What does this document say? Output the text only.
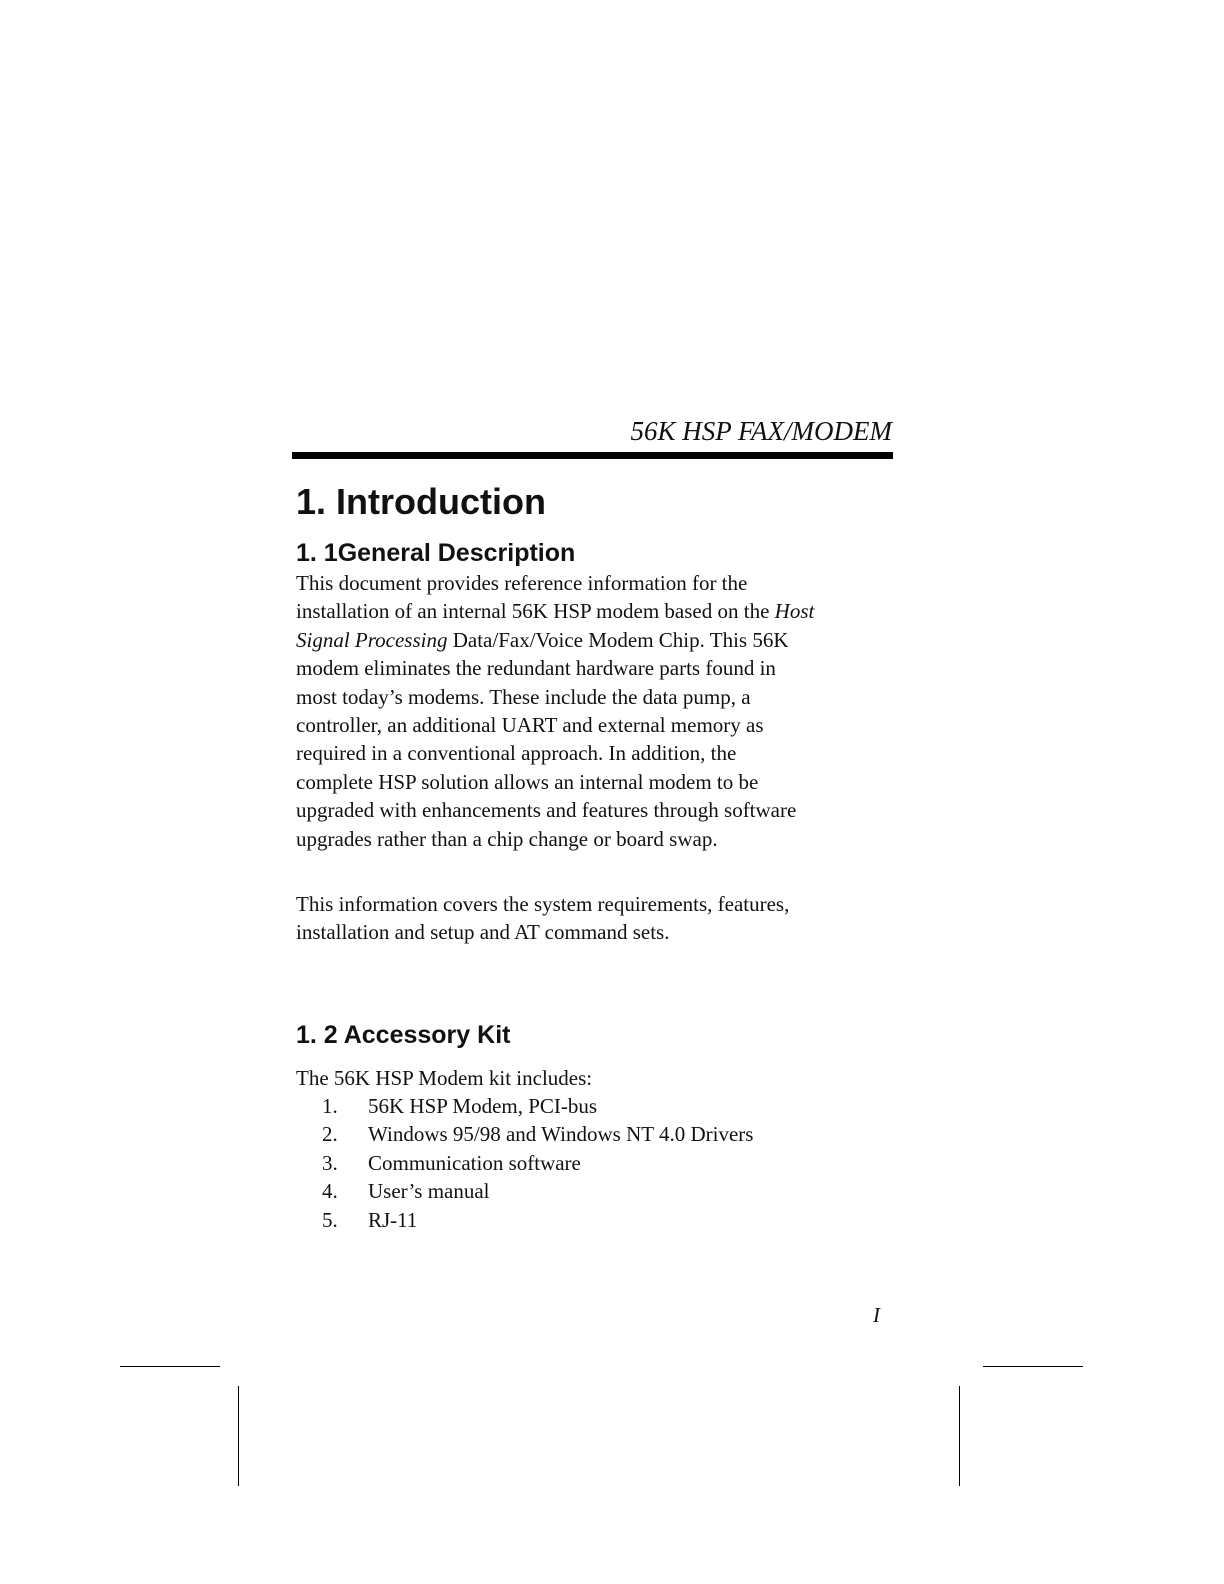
56K HSP FAX/MODEM
1. Introduction
1. 1General Description

This document provides reference information for the
installation of an internal 56K HSP modem based on the Host
Signal Processing Data/Fax/Voice Modem Chip. This 56K
modem eliminates the redundant hardware parts found in
most today’s modems. These include the data pump, a
controller, an additional UART and external memory as
required in a conventional approach. In addition, the
complete HSP solution allows an internal modem to be
upgraded with enhancements and features through software
upgrades rather than a chip change or board swap.

This information covers the system requirements, features,
installation and setup and AT command sets.

1. 2 Accessory Kit

The 56K HSP Modem kit includes:

1.	56K HSP Modem, PCI-bus
2.	Windows 95/98 and Windows NT 4.0 Drivers
3.	Communication software
4.	User’s manual
5.	RJ-11
I
